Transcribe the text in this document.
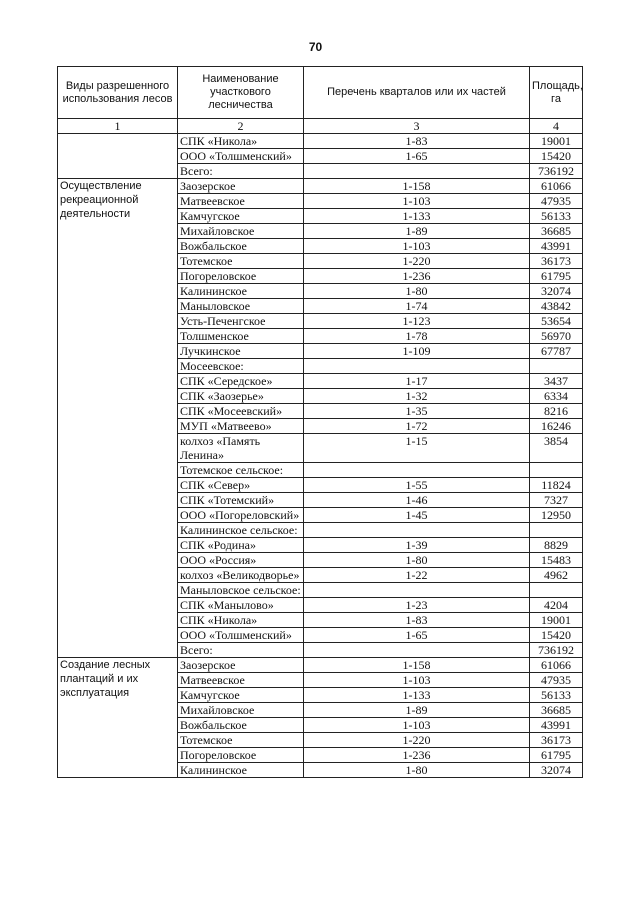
70
Виды разрешенного использования лесов	Наименование участкового лесничества	Перечень кварталов или их частей	Площадь, га
1	2	3	4
	СПК «Никола»	1-83	19001
	ООО «Толшменский»	1-65	15420
	Всего:		736192
Осуществление рекреационной деятельности	Заозерское	1-158	61066
	Матвеевское	1-103	47935
	Камчугское	1-133	56133
	Михайловское	1-89	36685
	Вожбальское	1-103	43991
	Тотемское	1-220	36173
	Погореловское	1-236	61795
	Калининское	1-80	32074
	Маныловское	1-74	43842
	Усть-Печенгское	1-123	53654
	Толшменское	1-78	56970
	Лучкинское	1-109	67787
	Мосеевское:		
	СПК «Середское»	1-17	3437
	СПК «Заозерье»	1-32	6334
	СПК «Мосеевский»	1-35	8216
	МУП «Матвеево»	1-72	16246
	колхоз «Память Ленина»	1-15	3854
	Тотемское сельское:		
	СПК «Север»	1-55	11824
	СПК «Тотемский»	1-46	7327
	ООО «Погореловский»	1-45	12950
	Калининское сельское:		
	СПК «Родина»	1-39	8829
	ООО «Россия»	1-80	15483
	колхоз «Великодворье»	1-22	4962
	Маныловское сельское:		
	СПК «Манылово»	1-23	4204
	СПК «Никола»	1-83	19001
	ООО «Толшменский»	1-65	15420
	Всего:		736192
Создание лесных плантаций и их эксплуатация	Заозерское	1-158	61066
	Матвеевское	1-103	47935
	Камчугское	1-133	56133
	Михайловское	1-89	36685
	Вожбальское	1-103	43991
	Тотемское	1-220	36173
	Погореловское	1-236	61795
	Калининское	1-80	32074
